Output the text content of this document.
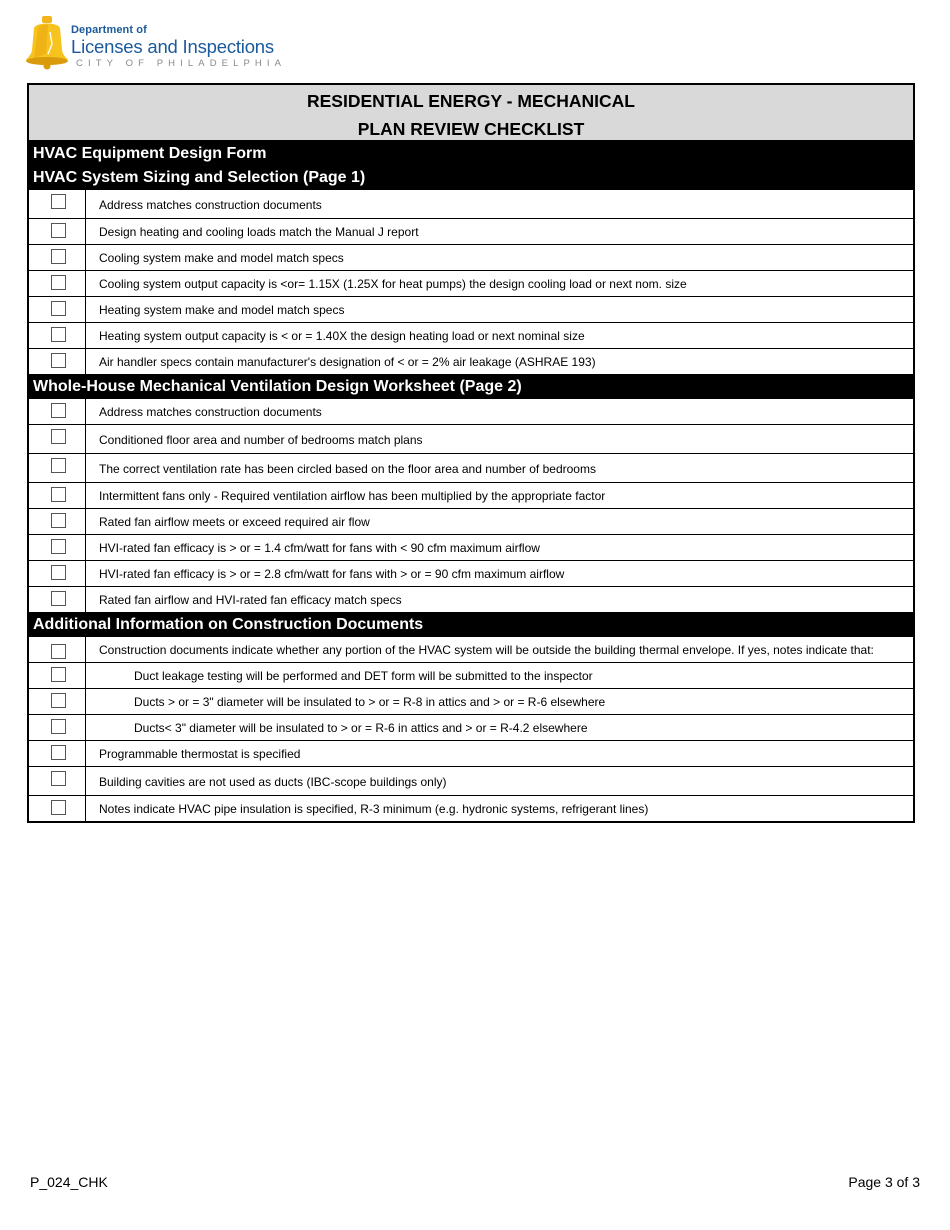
Department of
Licenses and Inspections
CITY OF PHILADELPHIA
RESIDENTIAL ENERGY - MECHANICAL
PLAN REVIEW CHECKLIST
HVAC Equipment Design Form
HVAC System Sizing and Selection (Page 1)
Address matches construction documents
Design heating and cooling loads match the Manual J report
Cooling system make and model match specs
Cooling system output capacity is <or= 1.15X (1.25X for heat pumps) the design cooling load or next nom. size
Heating system make and model match specs
Heating system output capacity is < or = 1.40X the design heating load or next nominal size
Air handler specs contain manufacturer's designation of < or = 2% air leakage (ASHRAE 193)
Whole-House Mechanical Ventilation Design Worksheet (Page 2)
Address matches construction documents
Conditioned floor area and number of bedrooms match plans
The correct ventilation rate has been circled based on the floor area and number of bedrooms
Intermittent fans only - Required ventilation airflow has been multiplied by the appropriate factor
Rated fan airflow meets or exceed required air flow
HVI-rated fan efficacy is > or = 1.4 cfm/watt for fans with < 90 cfm maximum airflow
HVI-rated fan efficacy is > or = 2.8 cfm/watt for fans with > or = 90 cfm maximum airflow
Rated fan airflow and HVI-rated fan efficacy match specs
Additional Information on Construction Documents
Construction documents indicate whether any portion of the HVAC system will be outside the building thermal envelope. If yes, notes indicate that:
Duct leakage testing will be performed and DET form will be submitted to the inspector
Ducts > or = 3" diameter will be insulated to > or = R-8 in attics and > or = R-6 elsewhere
Ducts< 3" diameter will be insulated to > or = R-6 in attics and > or = R-4.2 elsewhere
Programmable thermostat is specified
Building cavities are not used as ducts (IBC-scope buildings only)
Notes indicate HVAC pipe insulation is specified, R-3 minimum (e.g. hydronic systems, refrigerant lines)
P_024_CHK	Page 3 of 3
